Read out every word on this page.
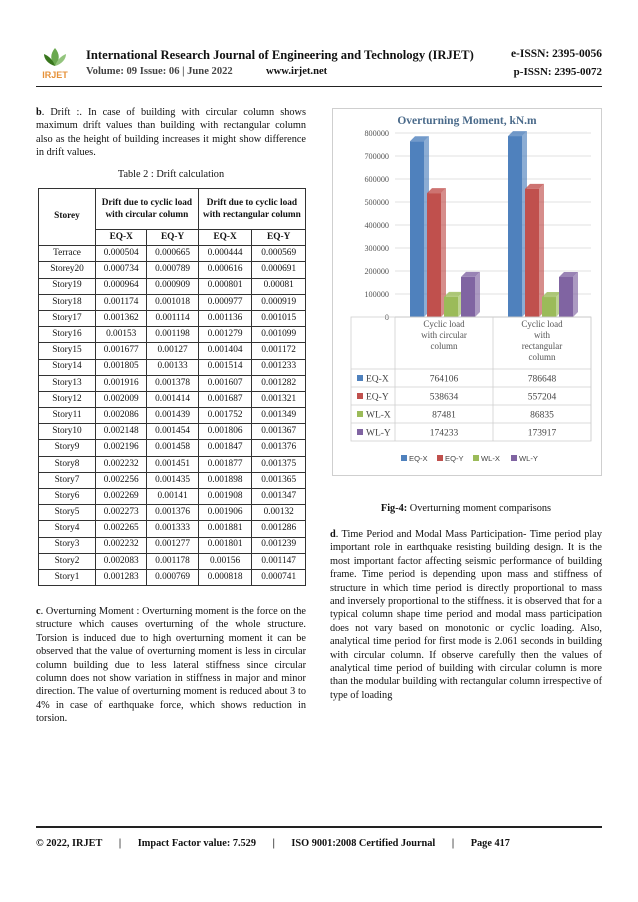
IRJET
International Research Journal of Engineering and Technology (IRJET)	e-ISSN: 2395-0056
Volume: 09 Issue: 06 | June 2022	www.irjet.net	p-ISSN: 2395-0072
b. Drift :. In case of building with circular column shows maximum drift values than building with rectangular column also as the height of building increases it might show difference in drift values.
Table 2 : Drift calculation
Storey	Drift due to cyclic load with circular column		Drift due to cyclic load with rectangular column	
	EQ-X	EQ-Y	EQ-X	EQ-Y
Terrace	0.000504	0.000665	0.000444	0.000569
Storey20	0.000734	0.000789	0.000616	0.000691
Story19	0.000964	0.000909	0.000801	0.00081
Story18	0.001174	0.001018	0.000977	0.000919
Story17	0.001362	0.001114	0.001136	0.001015
Story16	0.00153	0.001198	0.001279	0.001099
Story15	0.001677	0.00127	0.001404	0.001172
Story14	0.001805	0.00133	0.001514	0.001233
Story13	0.001916	0.001378	0.001607	0.001282
Story12	0.002009	0.001414	0.001687	0.001321
Story11	0.002086	0.001439	0.001752	0.001349
Story10	0.002148	0.001454	0.001806	0.001367
Story9	0.002196	0.001458	0.001847	0.001376
Story8	0.002232	0.001451	0.001877	0.001375
Story7	0.002256	0.001435	0.001898	0.001365
Story6	0.002269	0.00141	0.001908	0.001347
Story5	0.002273	0.001376	0.001906	0.00132
Story4	0.002265	0.001333	0.001881	0.001286
Story3	0.002232	0.001277	0.001801	0.001239
Story2	0.002083	0.001178	0.00156	0.001147
Story1	0.001283	0.000769	0.000818	0.000741
c. Overturning Moment : Overturning moment is the force on the structure which causes overturning of the whole structure. Torsion is induced due to high overturning moment it can be observed that the value of overturning moment is less in circular column building due to less lateral stiffness since circular column does not show variation in stiffness in major and minor direction. The value of overturning moment is reduced about 3 to 4% in case of earthquake force, which shows reduction in torsion.
Overturning Moment, kN.m
0
100000
200000
300000
400000
500000
600000
700000
800000
Cyclic load with circular column
Cyclic load with rectangular column
EQ-X	764106	786648
EQ-Y	538634	557204
WL-X	87481	86835
WL-Y	174233	173917
EQ-X EQ-Y WL-X	WL-Y
Fig-4: Overturning moment comparisons
d. Time Period and Modal Mass Participation- Time period play important role in earthquake resisting building design. It is the most important factor affecting seismic performance of building frame. Time period is depending upon mass and stiffness of structure in which time period is directly proportional to mass and inversely proportional to the stiffness. it is observed that for a typical column shape time period and modal mass participation does not vary based on monotonic or cyclic loading. Also, analytical time period for first mode is 2.061 seconds in building with circular column. If observe carefully then the values of analytical time period of building with circular column is more than the modular building with rectangular column irrespective of type of loading
© 2022, IRJET | Impact Factor value: 7.529 | ISO 9001:2008 Certified Journal | Page 417
